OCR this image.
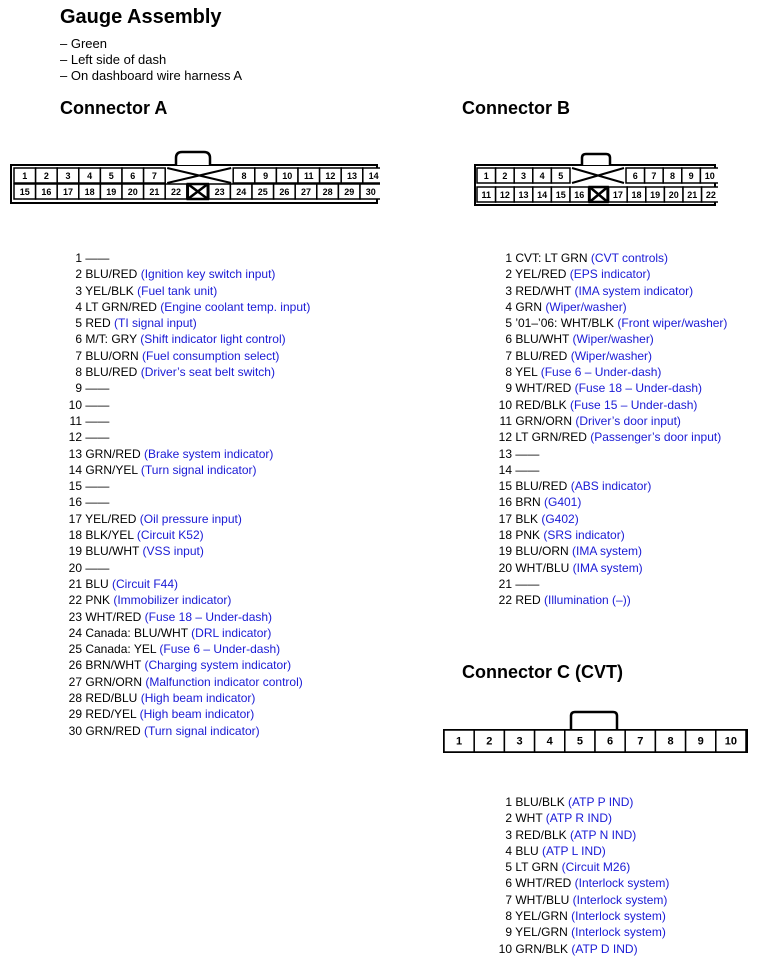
Gauge Assembly
– Green
– Left side of dash
– On dashboard wire harness A
Connector A	Connector B
Connector C (CVT)
1 2 3 4 5 6 7	8 9 10 11 12 13 14
15 16 17 18 19 20 21 22	23 24 25 26 27 28 29 30
1 2 3 4 5	6 7 8 9 10
11 12 13 14 15 16	17 18 19 20 21 22
1 2 3 4 5 6 7 8 9 10
1 ——
2 BLU/RED (Ignition key switch input)
3 YEL/BLK (Fuel tank unit)
4 LT GRN/RED (Engine coolant temp. input)
5 RED (TI signal input)
6 M/T: GRY (Shift indicator light control)
7 BLU/ORN (Fuel consumption select)
8 BLU/RED (Driver’s seat belt switch)
9 ——
10 ——
11 ——
12 ——
13 GRN/RED (Brake system indicator)
14 GRN/YEL (Turn signal indicator)
15 ——
16 ——
17 YEL/RED (Oil pressure input)
18 BLK/YEL (Circuit K52)
19 BLU/WHT (VSS input)
20 ——
21 BLU (Circuit F44)
22 PNK (Immobilizer indicator)
23 WHT/RED (Fuse 18 – Under-dash)
24 Canada: BLU/WHT (DRL indicator)
25 Canada: YEL (Fuse 6 – Under-dash)
26 BRN/WHT (Charging system indicator)
27 GRN/ORN (Malfunction indicator control)
28 RED/BLU (High beam indicator)
29 RED/YEL (High beam indicator)
30 GRN/RED (Turn signal indicator)
1 CVT: LT GRN (CVT controls)
2 YEL/RED (EPS indicator)
3 RED/WHT (IMA system indicator)
4 GRN (Wiper/washer)
5 ’01–’06: WHT/BLK (Front wiper/washer)
6 BLU/WHT (Wiper/washer)
7 BLU/RED (Wiper/washer)
8 YEL (Fuse 6 – Under-dash)
9 WHT/RED (Fuse 18 – Under-dash)
10 RED/BLK (Fuse 15 – Under-dash)
11 GRN/ORN (Driver’s door input)
12 LT GRN/RED (Passenger’s door input)
13 ——
14 ——
15 BLU/RED (ABS indicator)
16 BRN (G401)
17 BLK (G402)
18 PNK (SRS indicator)
19 BLU/ORN (IMA system)
20 WHT/BLU (IMA system)
21 ——
22 RED (Illumination (–))
1 BLU/BLK (ATP P IND)
2 WHT (ATP R IND)
3 RED/BLK (ATP N IND)
4 BLU (ATP L IND)
5 LT GRN (Circuit M26)
6 WHT/RED (Interlock system)
7 WHT/BLU (Interlock system)
8 YEL/GRN (Interlock system)
9 YEL/GRN (Interlock system)
10 GRN/BLK (ATP D IND)
